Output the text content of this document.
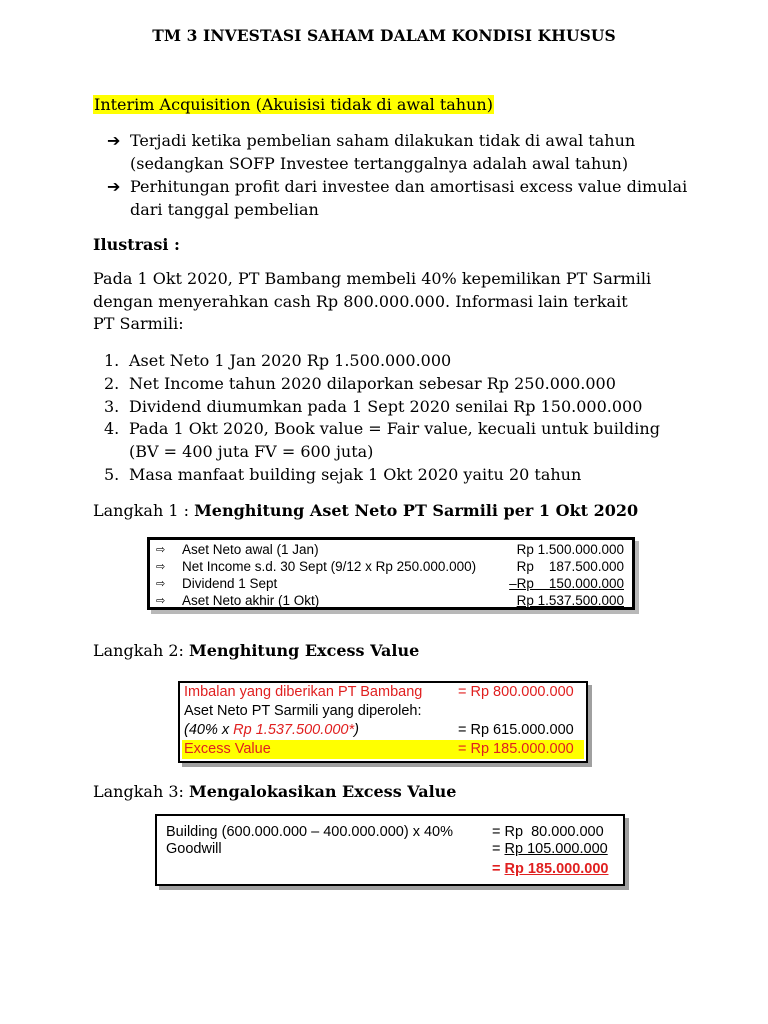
TM 3 INVESTASI SAHAM DALAM KONDISI KHUSUS
Interim Acquisition (Akuisisi tidak di awal tahun)
➔ Terjadi ketika pembelian saham dilakukan tidak di awal tahun
(sedangkan SOFP Investee tertanggalnya adalah awal tahun)
➔ Perhitungan profit dari investee dan amortisasi excess value dimulai
dari tanggal pembelian
Ilustrasi :
Pada 1 Okt 2020, PT Bambang membeli 40% kepemilikan PT Sarmili dengan menyerahkan cash Rp 800.000.000. Informasi lain terkait PT Sarmili:
1. Aset Neto 1 Jan 2020 Rp 1.500.000.000
2. Net Income tahun 2020 dilaporkan sebesar Rp 250.000.000
3. Dividend diumumkan pada 1 Sept 2020 senilai Rp 150.000.000
4. Pada 1 Okt 2020, Book value = Fair value, kecuali untuk building (BV = 400 juta FV = 600 juta)
5. Masa manfaat building sejak 1 Okt 2020 yaitu 20 tahun
Langkah 1 : Menghitung Aset Neto PT Sarmili per 1 Okt 2020
⇨ Aset Neto awal (1 Jan)	Rp 1.500.000.000
⇨ Net Income s.d. 30 Sept (9/12 x Rp 250.000.000)	Rp    187.500.000
⇨ Dividend 1 Sept	–Rp    150.000.000
⇨ Aset Neto akhir (1 Okt)	Rp 1.537.500.000
Langkah 2: Menghitung Excess Value
Imbalan yang diberikan PT Bambang = Rp 800.000.000
Aset Neto PT Sarmili yang diperoleh:
(40% x Rp 1.537.500.000*)	= Rp 615.000.000
Excess Value	= Rp 185.000.000
Langkah 3: Mengalokasikan Excess Value
Building (600.000.000 – 400.000.000) x 40%	= Rp  80.000.000
Goodwill	= Rp 105.000.000
= Rp 185.000.000
